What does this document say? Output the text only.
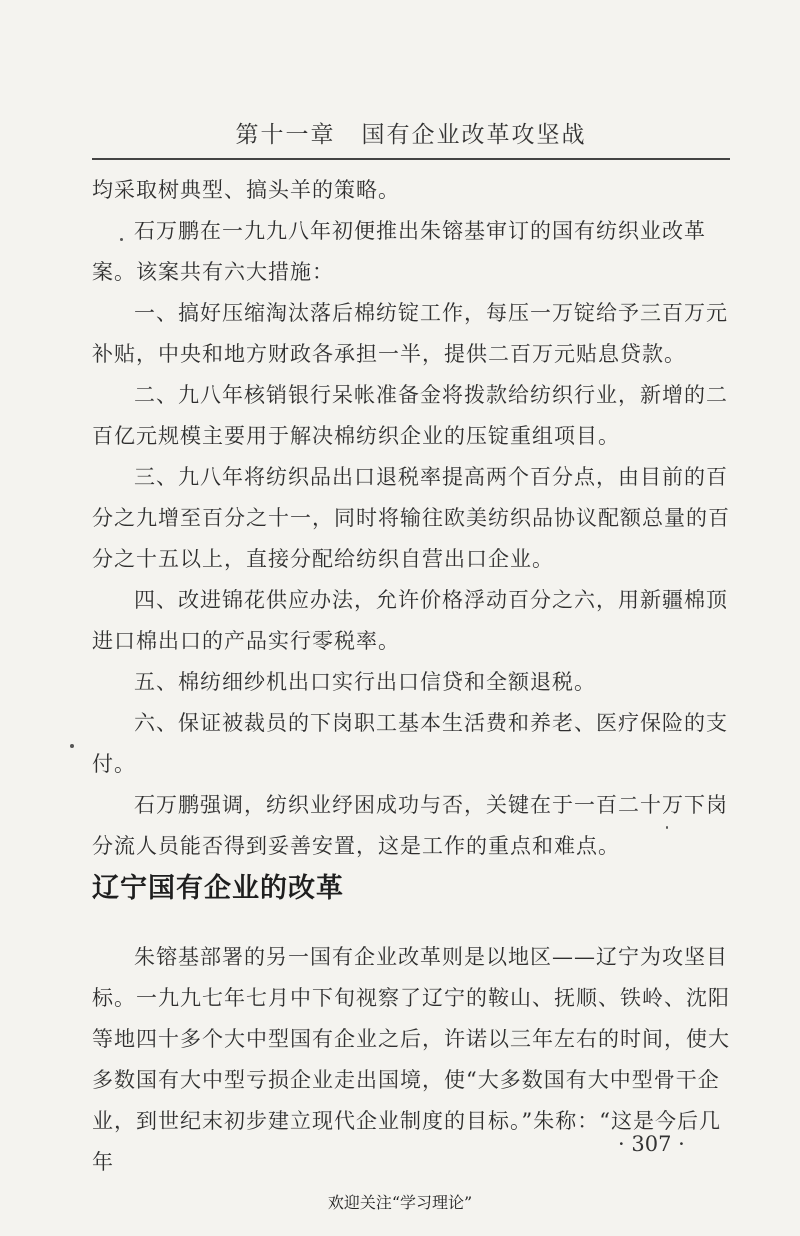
第十一章 国有企业改革攻坚战

均采取树典型、搞头羊的策略。

石万鹏在一九九八年初便推出朱镕基审订的国有纺织业改革案。该案共有六大措施：

一、搞好压缩淘汰落后棉纺锭工作，每压一万锭给予三百万元补贴，中央和地方财政各承担一半，提供二百万元贴息贷款。

二、九八年核销银行呆帐准备金将拨款给纺织行业，新增的二百亿元规模主要用于解决棉纺织企业的压锭重组项目。

三、九八年将纺织品出口退税率提高两个百分点，由目前的百分之九增至百分之十一，同时将输往欧美纺织品协议配额总量的百分之十五以上，直接分配给纺织自营出口企业。

四、改进锦花供应办法，允许价格浮动百分之六，用新疆棉顶进口棉出口的产品实行零税率。

五、棉纺细纱机出口实行出口信贷和全额退税。

六、保证被裁员的下岗职工基本生活费和养老、医疗保险的支付。

石万鹏强调，纺织业纾困成功与否，关键在于一百二十万下岗分流人员能否得到妥善安置，这是工作的重点和难点。

辽宁国有企业的改革

朱镕基部署的另一国有企业改革则是以地区——辽宁为攻坚目标。一九九七年七月中下旬视察了辽宁的鞍山、抚顺、铁岭、沈阳等地四十多个大中型国有企业之后，许诺以三年左右的时间，使大多数国有大中型亏损企业走出国境，使“大多数国有大中型骨干企业，到世纪末初步建立现代企业制度的目标。”朱称：“这是今后几年

· 307 ·
欢迎关注“学习理论”
